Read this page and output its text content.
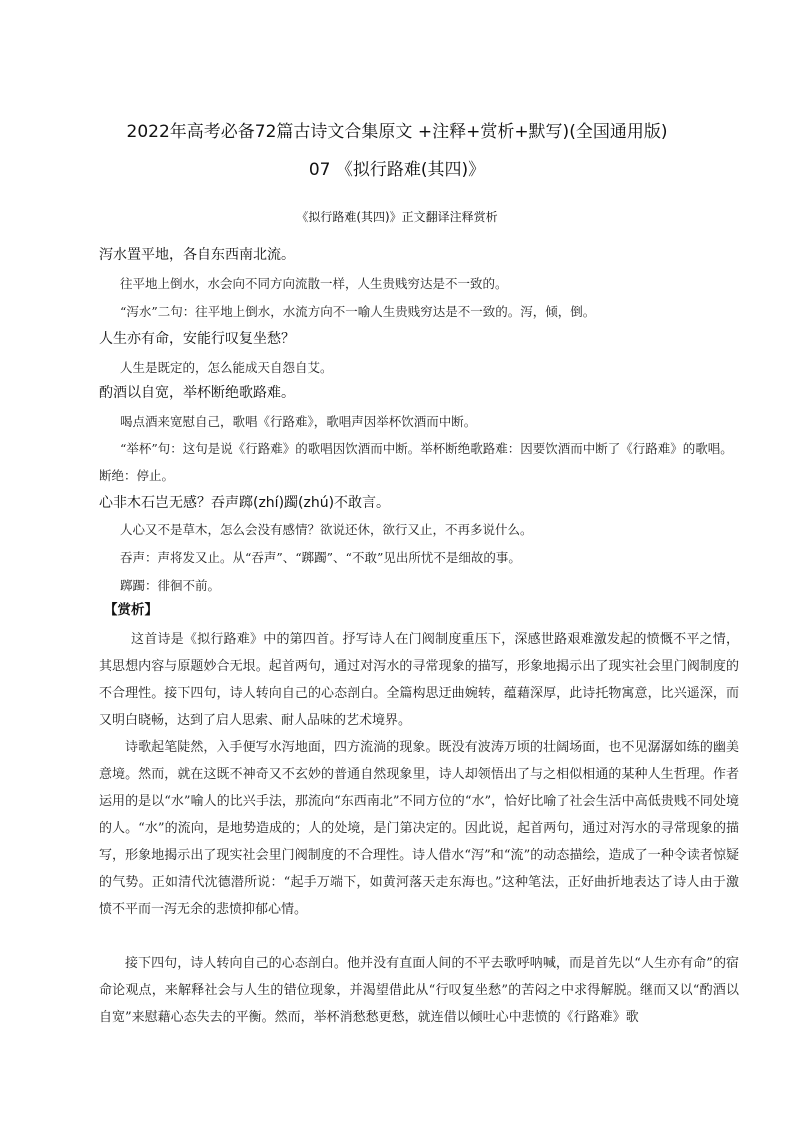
2022年高考必备72篇古诗文合集原文 +注释+赏析+默写)(全国通用版)
07 《拟行路难(其四)》
《拟行路难(其四)》正文翻译注释赏析
泻水置平地，各自东西南北流。
往平地上倒水，水会向不同方向流散一样，人生贵贱穷达是不一致的。
“泻水”二句：往平地上倒水，水流方向不一喻人生贵贱穷达是不一致的。泻，倾，倒。
人生亦有命，安能行叹复坐愁？
人生是既定的，怎么能成天自怨自艾。
酌酒以自宽，举杯断绝歌路难。
喝点酒来宽慰自己，歌唱《行路难》，歌唱声因举杯饮酒而中断。
“举杯”句：这句是说《行路难》的歌唱因饮酒而中断。举杯断绝歌路难：因要饮酒而中断了《行路难》的歌唱。断绝：停止。
心非木石岂无感？吞声踯(zhí)躅(zhú)不敢言。
人心又不是草木，怎么会没有感情？欲说还休，欲行又止，不再多说什么。
吞声：声将发又止。从“吞声”、“踯躅”、“不敢”见出所忧不是细故的事。
踯躅：徘徊不前。
【赏析】
这首诗是《拟行路难》中的第四首。抒写诗人在门阀制度重压下，深感世路艰难激发起的愤慨不平之情，其思想内容与原题妙合无垠。起首两句，通过对泻水的寻常现象的描写，形象地揭示出了现实社会里门阀制度的不合理性。接下四句，诗人转向自己的心态剖白。全篇构思迂曲婉转，蕴藉深厚，此诗托物寓意，比兴遥深，而又明白晓畅，达到了启人思索、耐人品味的艺术境界。
诗歌起笔陡然，入手便写水泻地面，四方流淌的现象。既没有波涛万顷的壮阔场面，也不见潺潺如练的幽美意境。然而，就在这既不神奇又不玄妙的普通自然现象里，诗人却领悟出了与之相似相通的某种人生哲理。作者运用的是以“水”喻人的比兴手法，那流向“东西南北”不同方位的“水”，恰好比喻了社会生活中高低贵贱不同处境的人。“水”的流向，是地势造成的；人的处境，是门第决定的。因此说，起首两句，通过对泻水的寻常现象的描写，形象地揭示出了现实社会里门阀制度的不合理性。诗人借水“泻”和“流”的动态描绘，造成了一种令读者惊疑的气势。正如清代沈德潜所说：“起手万端下，如黄河落天走东海也。”这种笔法，正好曲折地表达了诗人由于激愤不平而一泻无余的悲愤抑郁心情。
接下四句，诗人转向自己的心态剖白。他并没有直面人间的不平去歌呼呐喊，而是首先以“人生亦有命”的宿命论观点，来解释社会与人生的错位现象，并渴望借此从“行叹复坐愁”的苦闷之中求得解脱。继而又以“酌酒以自宽”来慰藉心态失去的平衡。然而，举杯消愁愁更愁，就连借以倾吐心中悲愤的《行路难》歌
